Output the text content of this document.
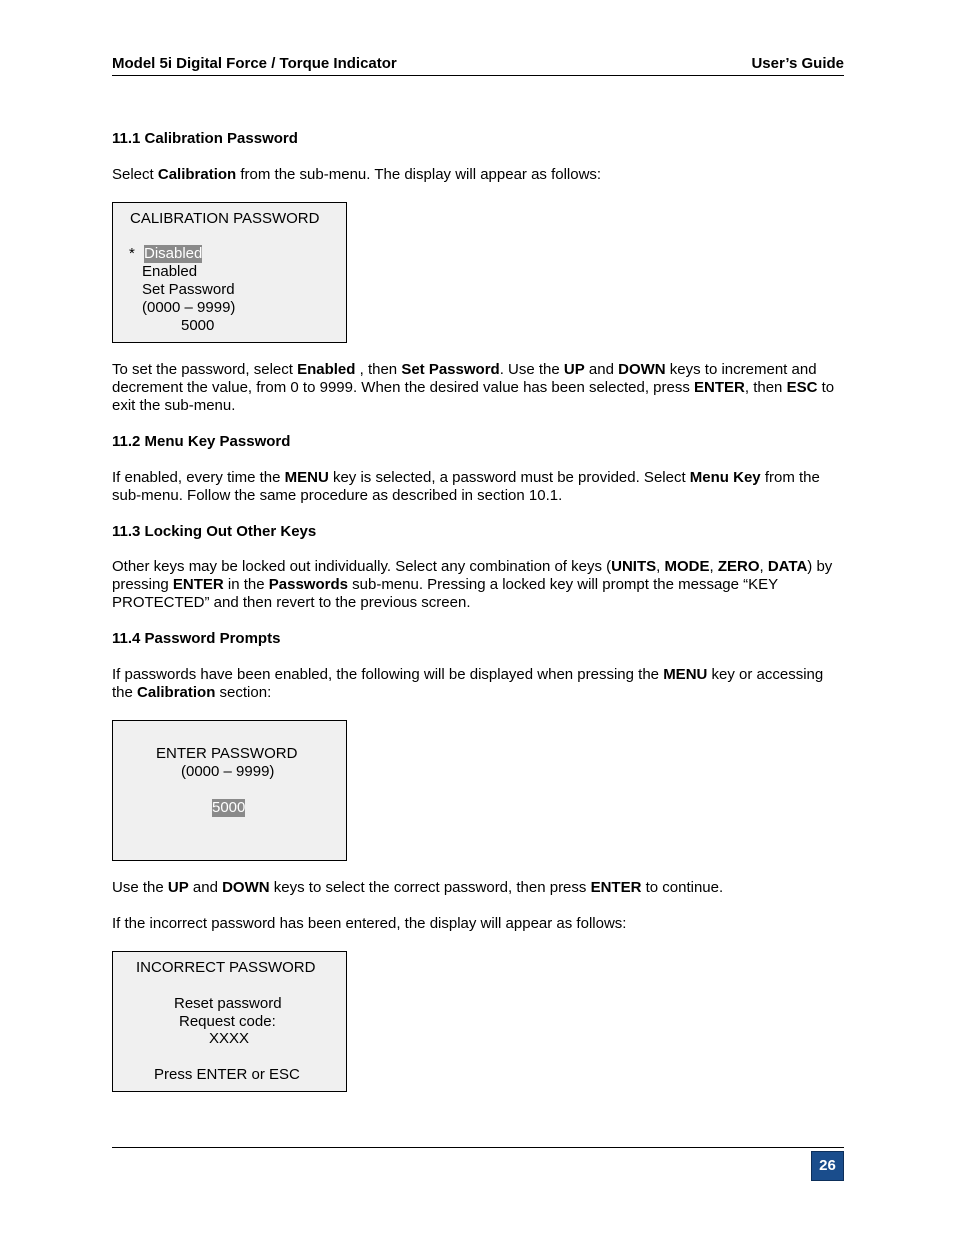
Model 5i Digital Force / Torque Indicator	User’s Guide
11.1 Calibration Password
Select Calibration from the sub-menu. The display will appear as follows:
CALIBRATION PASSWORD
* Disabled
Enabled
Set Password
(0000 – 9999)
5000
To set the password, select Enabled , then Set Password. Use the UP and DOWN keys to increment and decrement the value, from 0 to 9999. When the desired value has been selected, press ENTER, then ESC to exit the sub-menu.
11.2 Menu Key Password
If enabled, every time the MENU key is selected, a password must be provided. Select Menu Key from the sub-menu. Follow the same procedure as described in section 10.1.
11.3 Locking Out Other Keys
Other keys may be locked out individually. Select any combination of keys (UNITS, MODE, ZERO, DATA) by pressing ENTER in the Passwords sub-menu. Pressing a locked key will prompt the message “KEY PROTECTED” and then revert to the previous screen.
11.4 Password Prompts
If passwords have been enabled, the following will be displayed when pressing the MENU key or accessing the Calibration section:
ENTER PASSWORD
(0000 – 9999)
5000
Use the UP and DOWN keys to select the correct password, then press ENTER to continue.
If the incorrect password has been entered, the display will appear as follows:
INCORRECT PASSWORD
Reset password
Request code:
XXXX
Press ENTER or ESC
26
